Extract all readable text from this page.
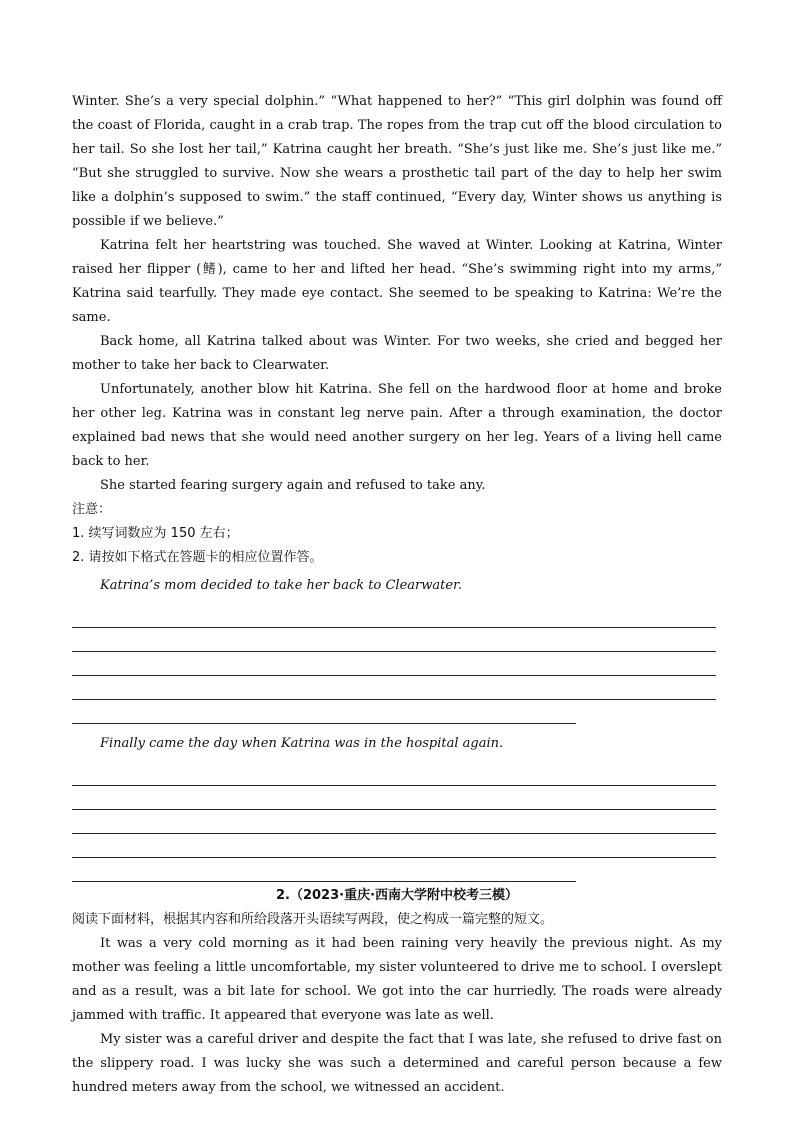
Winter. She’s a very special dolphin.” “What happened to her?” “This girl dolphin was found off the coast of Florida, caught in a crab trap. The ropes from the trap cut off the blood circulation to her tail. So she lost her tail,” Katrina caught her breath. “She’s just like me. She’s just like me.” “But she struggled to survive. Now she wears a prosthetic tail part of the day to help her swim like a dolphin’s supposed to swim.” the staff continued, “Every day, Winter shows us anything is possible if we believe.”

Katrina felt her heartstring was touched. She waved at Winter. Looking at Katrina, Winter raised her flipper (鳍), came to her and lifted her head. “She’s swimming right into my arms,” Katrina said tearfully. They made eye contact. She seemed to be speaking to Katrina: We’re the same.

Back home, all Katrina talked about was Winter. For two weeks, she cried and begged her mother to take her back to Clearwater.

Unfortunately, another blow hit Katrina. She fell on the hardwood floor at home and broke her other leg. Katrina was in constant leg nerve pain. After a through examination, the doctor explained bad news that she would need another surgery on her leg. Years of a living hell came back to her.

She started fearing surgery again and refused to take any.

注意：

1. 续写词数应为 150 左右；

2. 请按如下格式在答题卡的相应位置作答。

Katrina’s mom decided to take her back to Clearwater.

Finally came the day when Katrina was in the hospital again.

2.（2023·重庆·西南大学附中校考三模）

阅读下面材料，根据其内容和所给段落开头语续写两段，使之构成一篇完整的短文。

It was a very cold morning as it had been raining very heavily the previous night. As my mother was feeling a little uncomfortable, my sister volunteered to drive me to school. I overslept and as a result, was a bit late for school. We got into the car hurriedly. The roads were already jammed with traffic. It appeared that everyone was late as well.

My sister was a careful driver and despite the fact that I was late, she refused to drive fast on the slippery road. I was lucky she was such a determined and careful person because a few hundred meters away from the school, we witnessed an accident.
